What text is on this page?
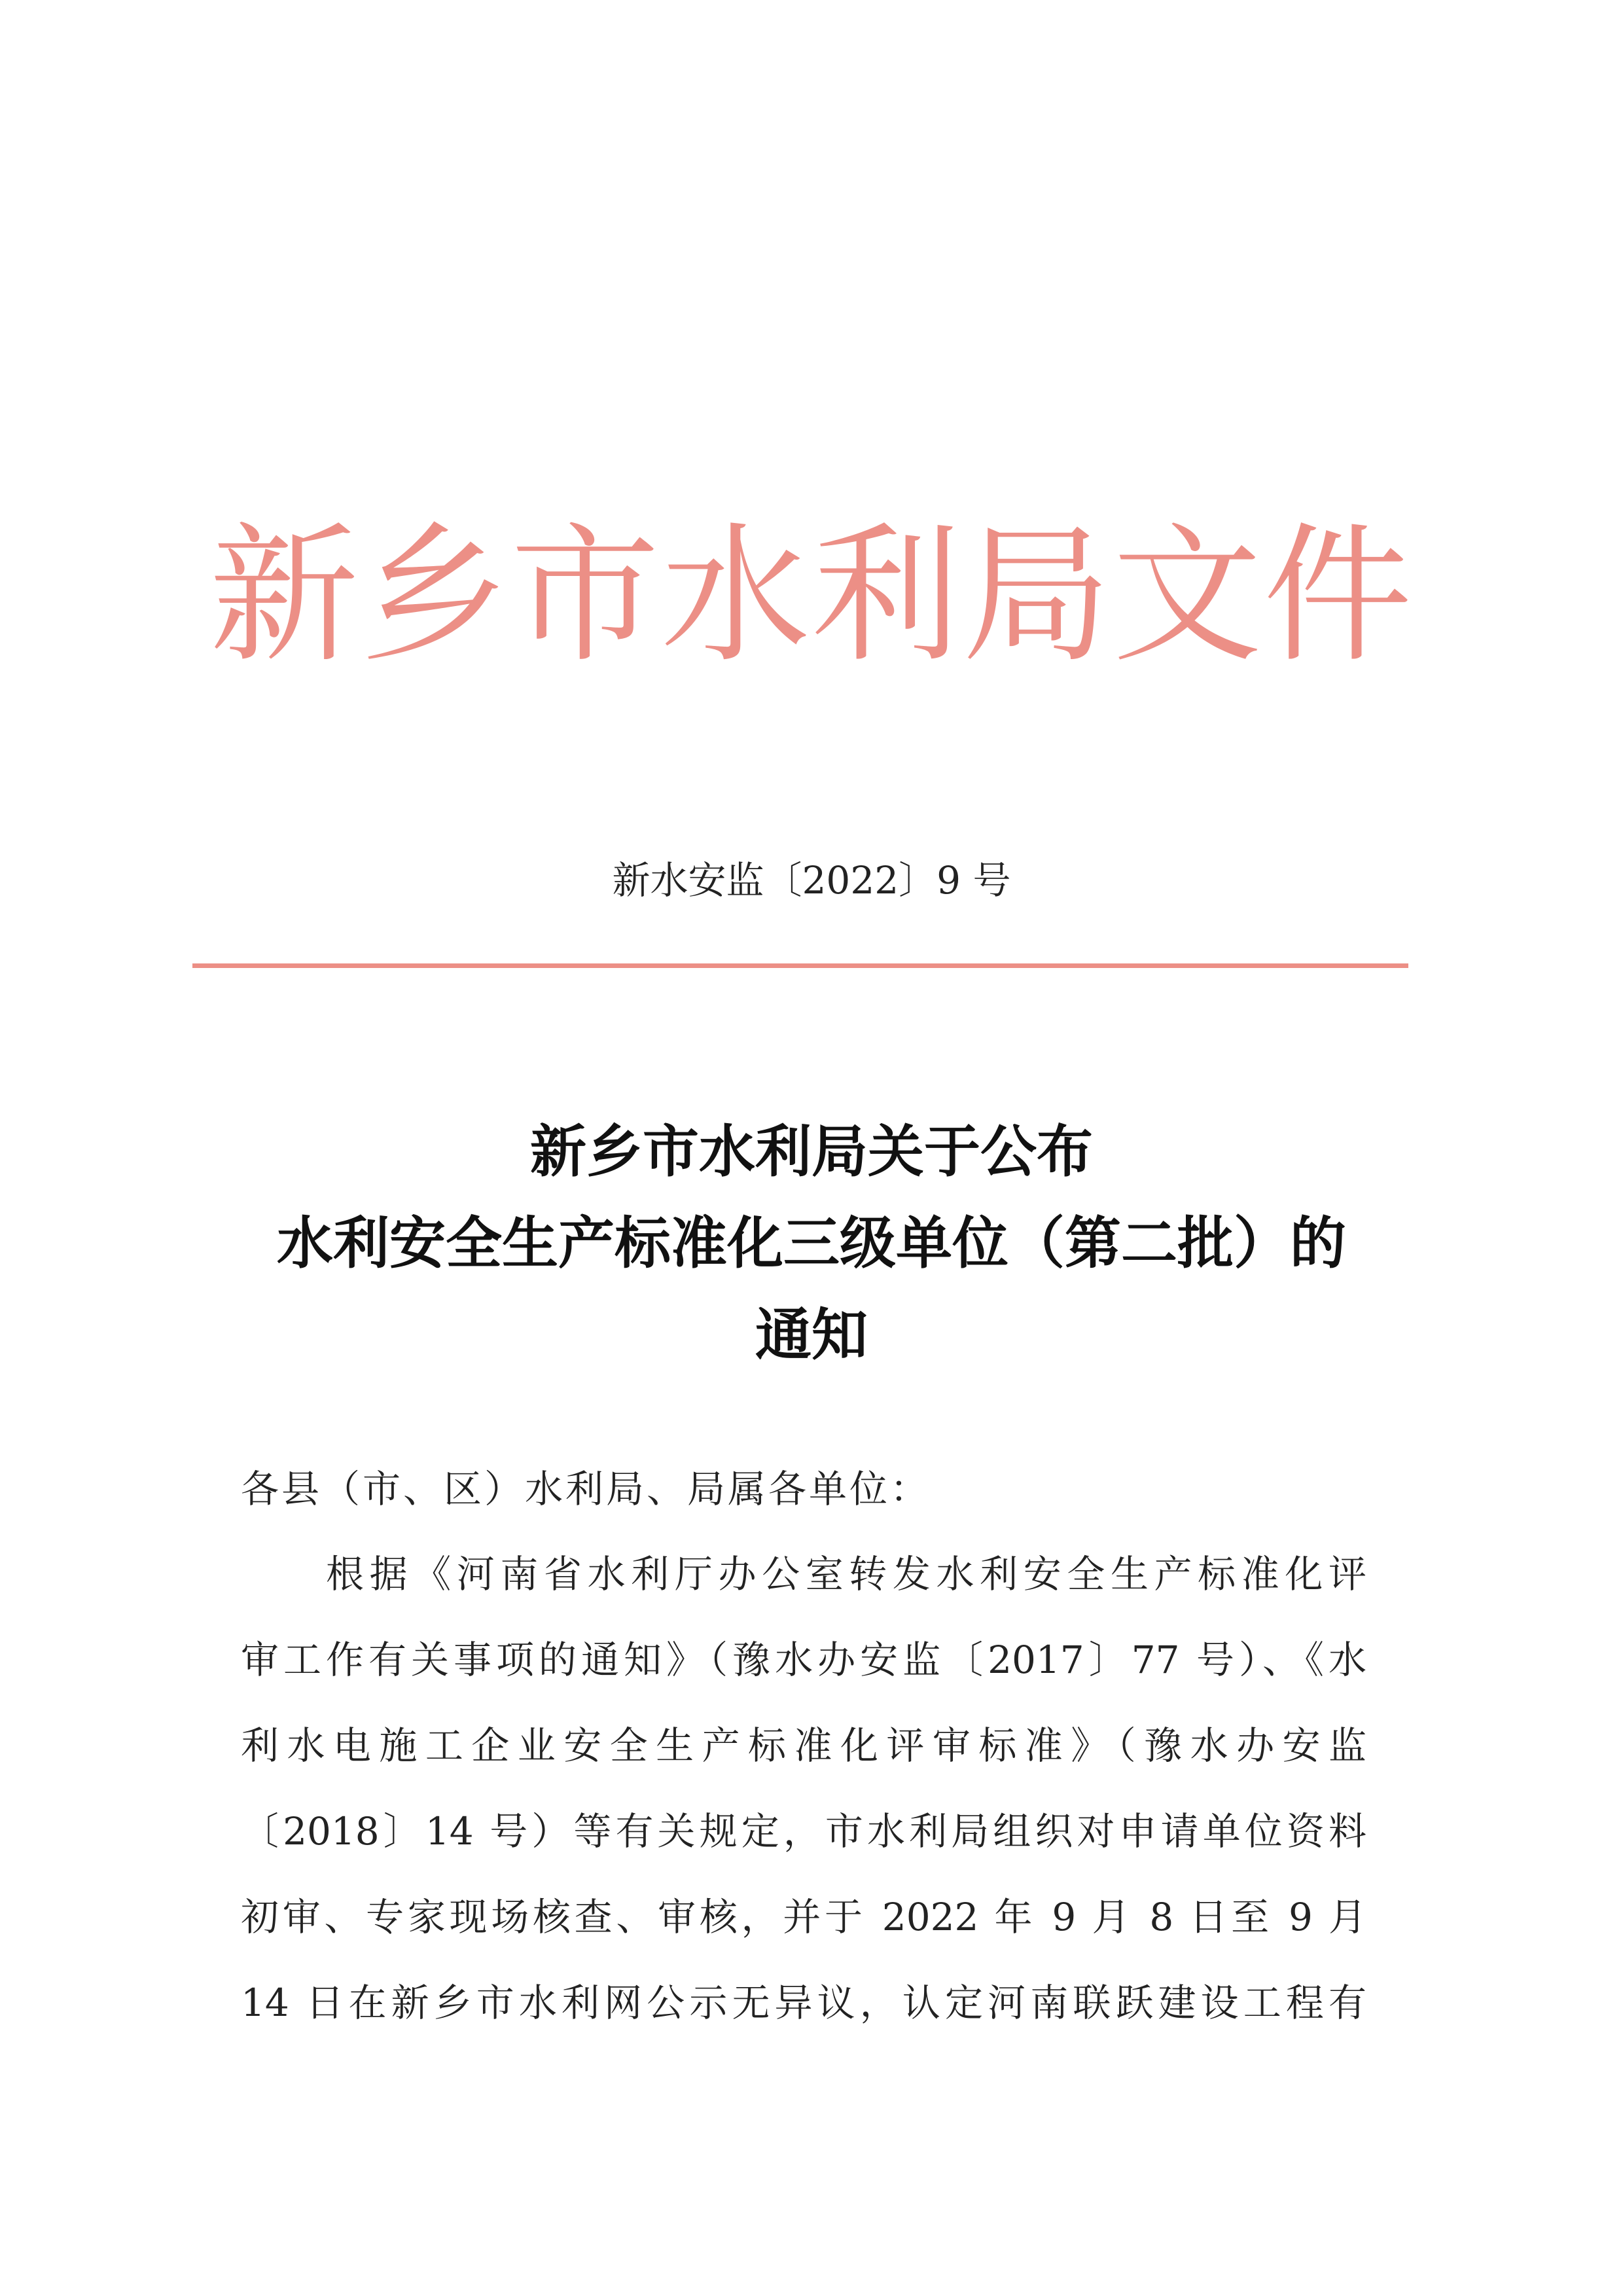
新乡市水利局文件
新水安监〔2022〕9 号
新乡市水利局关于公布
水利安全生产标准化三级单位（第二批）的
通知
各县（市、区）水利局、局属各单位：
根据《河南省水利厅办公室转发水利安全生产标准化评
审工作有关事项的通知》（豫水办安监〔2017〕77 号）、《水
利水电施工企业安全生产标准化评审标准》（豫水办安监
〔2018〕14 号）等有关规定，市水利局组织对申请单位资料
初审、专家现场核查、审核，并于 2022 年 9 月 8 日至 9 月
14 日在新乡市水利网公示无异议，认定河南联跃建设工程有
